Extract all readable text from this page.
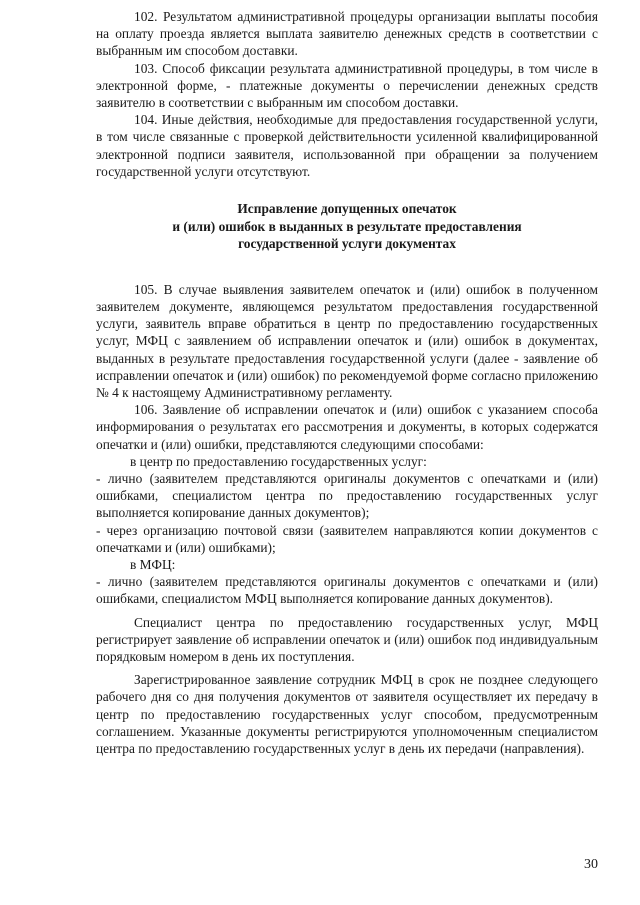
102. Результатом административной процедуры организации выплаты пособия на оплату проезда является выплата заявителю денежных средств в соответствии с выбранным им способом доставки.

103. Способ фиксации результата административной процедуры, в том числе в электронной форме, - платежные документы о перечислении денежных средств заявителю в соответствии с выбранным им способом доставки.

104. Иные действия, необходимые для предоставления государственной услуги, в том числе связанные с проверкой действительности усиленной квалифицированной электронной подписи заявителя, использованной при обращении за получением государственной услуги отсутствуют.

Исправление допущенных опечаток
и (или) ошибок в выданных в результате предоставления
государственной услуги документах

105. В случае выявления заявителем опечаток и (или) ошибок в полученном заявителем документе, являющемся результатом предоставления государственной услуги, заявитель вправе обратиться в центр по предоставлению государственных услуг, МФЦ с заявлением об исправлении опечаток и (или) ошибок в документах, выданных в результате предоставления государственной услуги (далее - заявление об исправлении опечаток и (или) ошибок) по рекомендуемой форме согласно приложению № 4 к настоящему Административному регламенту.

106. Заявление об исправлении опечаток и (или) ошибок с указанием способа информирования о результатах его рассмотрения и документы, в которых содержатся опечатки и (или) ошибки, представляются следующими способами:

в центр по предоставлению государственных услуг:

- лично (заявителем представляются оригиналы документов с опечатками и (или) ошибками, специалистом центра по предоставлению государственных услуг выполняется копирование данных документов);

- через организацию почтовой связи (заявителем направляются копии документов с опечатками и (или) ошибками);

в МФЦ:

- лично (заявителем представляются оригиналы документов с опечатками и (или) ошибками, специалистом МФЦ выполняется копирование данных документов).

Специалист центра по предоставлению государственных услуг, МФЦ регистрирует заявление об исправлении опечаток и (или) ошибок под индивидуальным порядковым номером в день их поступления.

Зарегистрированное заявление сотрудник МФЦ в срок не позднее следующего рабочего дня со дня получения документов от заявителя осуществляет их передачу в центр по предоставлению государственных услуг способом, предусмотренным соглашением. Указанные документы регистрируются уполномоченным специалистом центра по предоставлению государственных услуг в день их передачи (направления).

30
